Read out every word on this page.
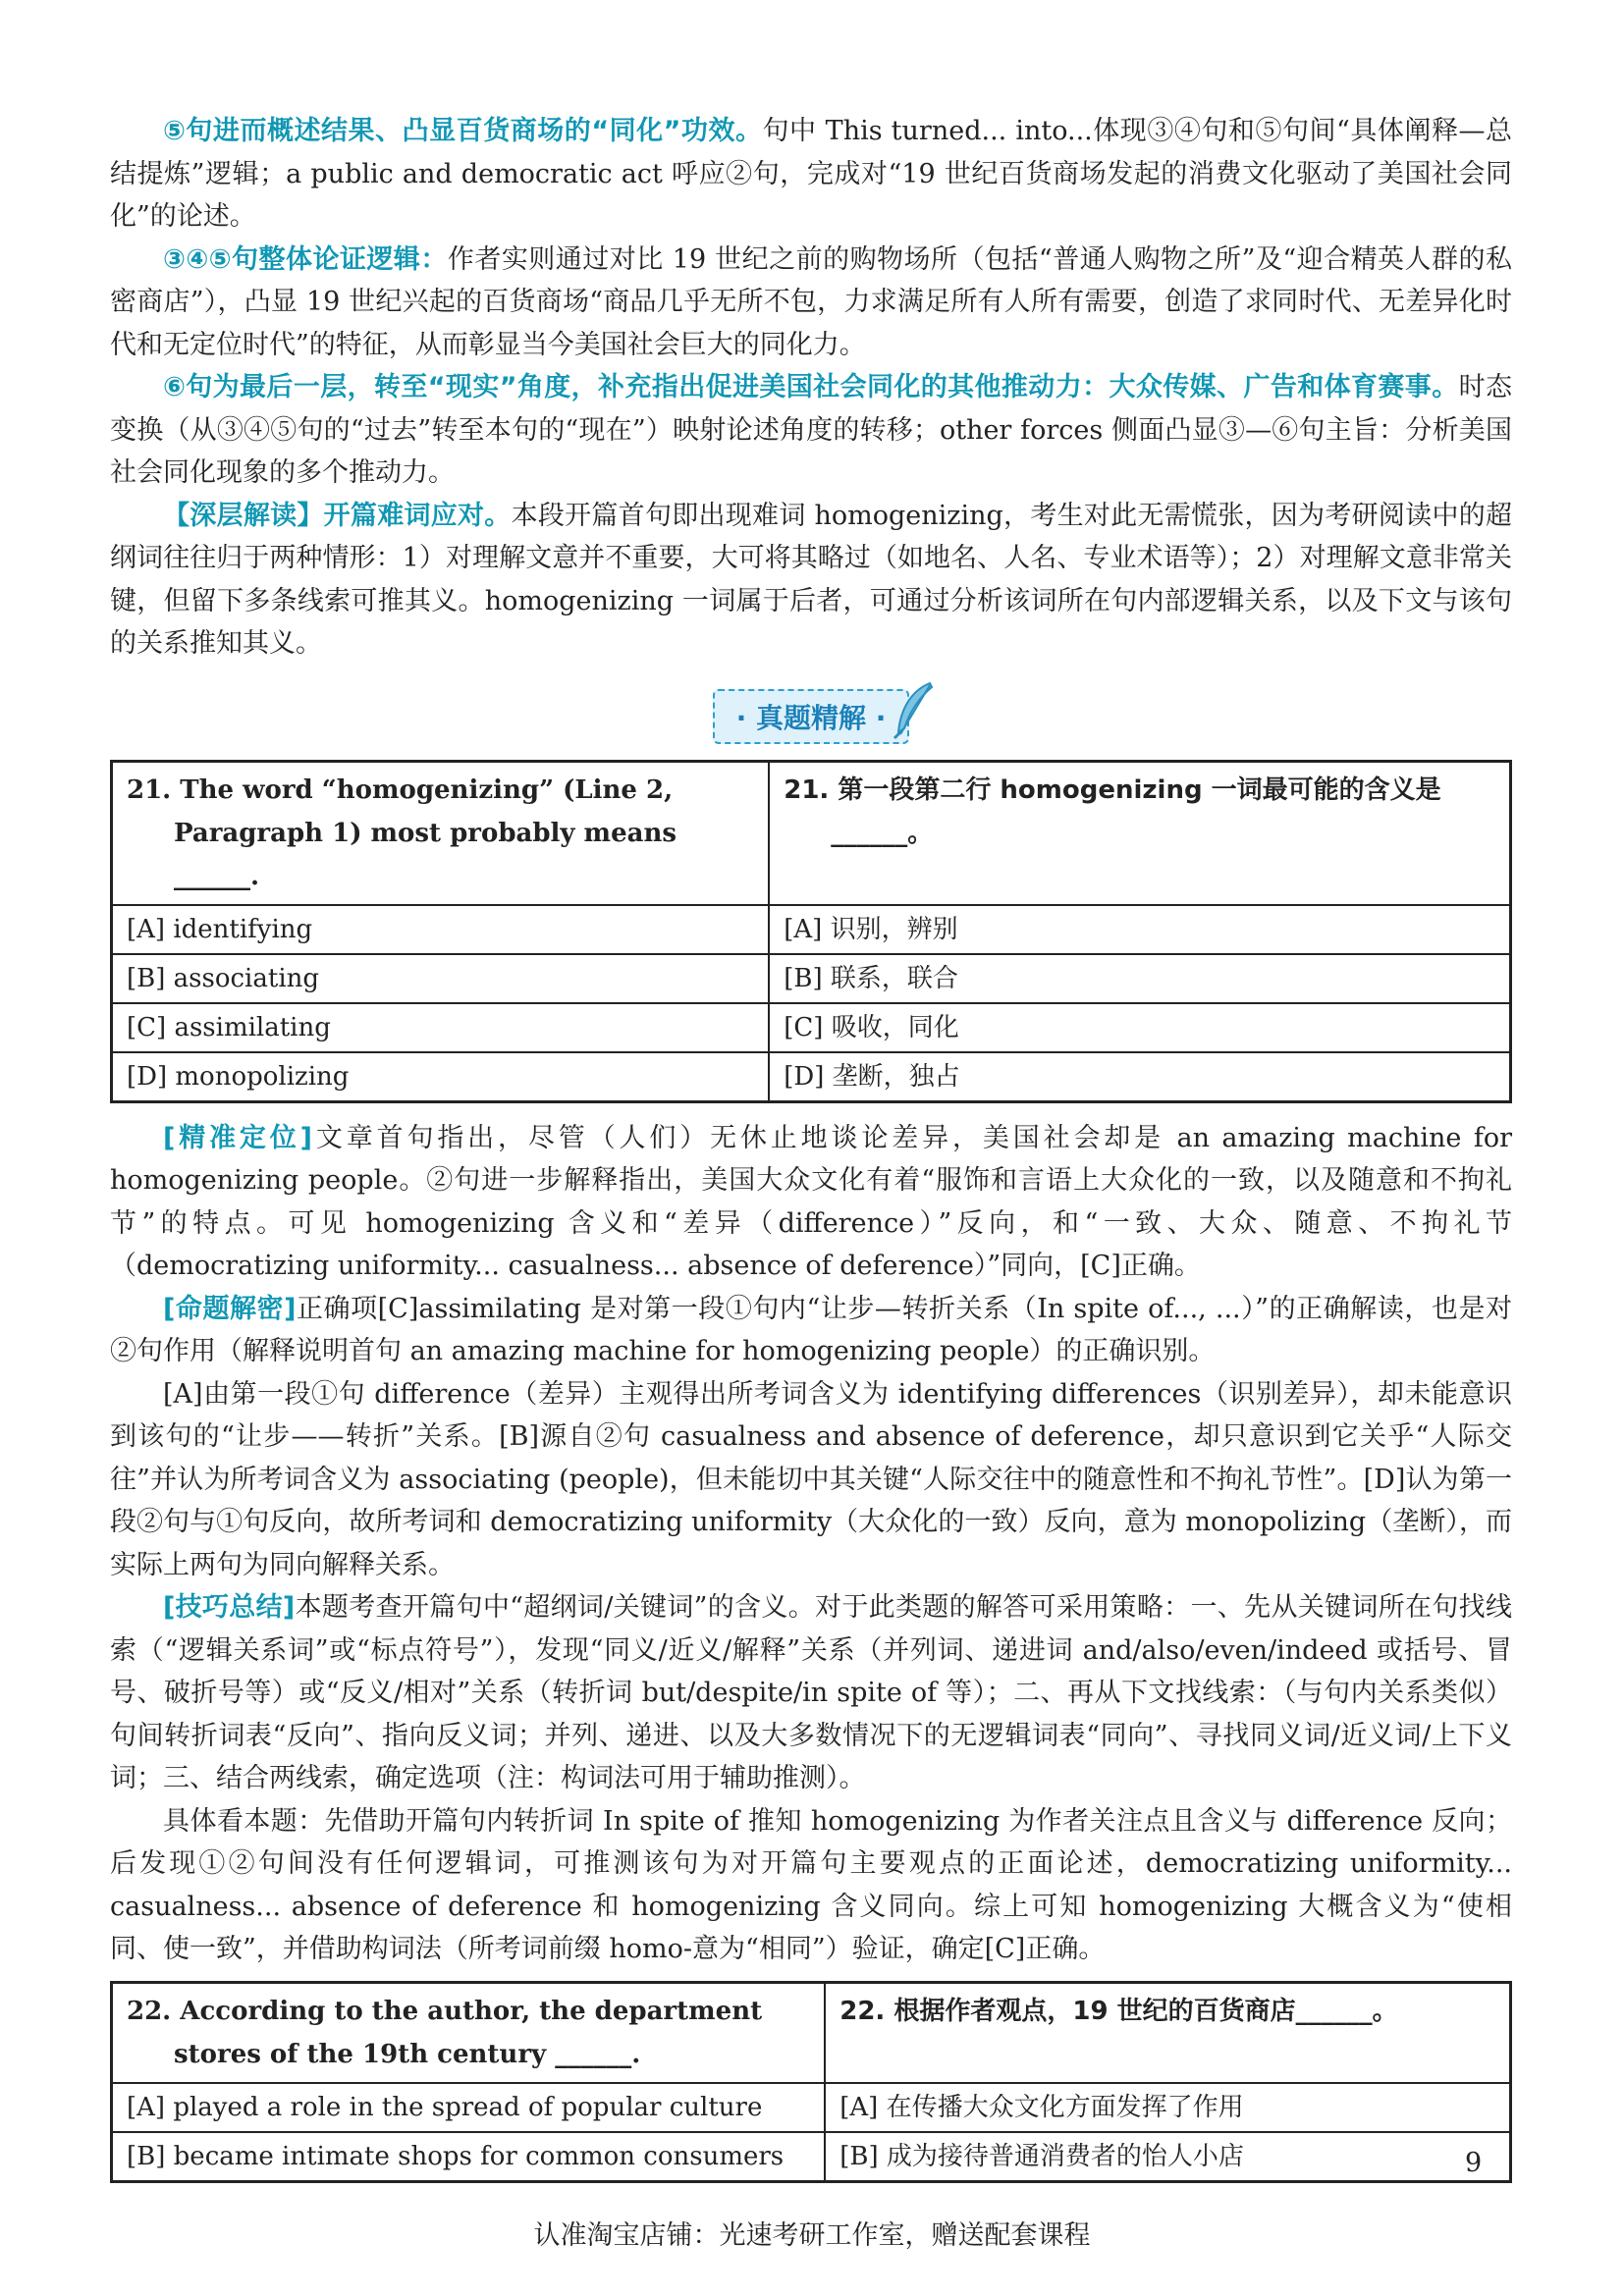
⑤句进而概述结果、凸显百货商场的“同化”功效。句中 This turned... into...体现③④句和⑤句间“具体阐释—总结提炼”逻辑；a public and democratic act 呼应②句，完成对“19 世纪百货商场发起的消费文化驱动了美国社会同化”的论述。

③④⑤句整体论证逻辑：作者实则通过对比 19 世纪之前的购物场所（包括“普通人购物之所”及“迎合精英人群的私密商店”），凸显 19 世纪兴起的百货商场“商品几乎无所不包，力求满足所有人所有需要，创造了求同时代、无差异化时代和无定位时代”的特征，从而彰显当今美国社会巨大的同化力。

⑥句为最后一层，转至“现实”角度，补充指出促进美国社会同化的其他推动力：大众传媒、广告和体育赛事。时态变换（从③④⑤句的“过去”转至本句的“现在”）映射论述角度的转移；other forces 侧面凸显③—⑥句主旨：分析美国社会同化现象的多个推动力。

【深层解读】开篇难词应对。本段开篇首句即出现难词 homogenizing，考生对此无需慌张，因为考研阅读中的超纲词往往归于两种情形：1）对理解文意并不重要，大可将其略过（如地名、人名、专业术语等）；2）对理解文意非常关键，但留下多条线索可推其义。homogenizing 一词属于后者，可通过分析该词所在句内部逻辑关系，以及下文与该句的关系推知其义。

· 真题精解 ·
21. The word “homogenizing” (Line 2, Paragraph 1) most probably means ______.	21. 第一段第二行 homogenizing 一词最可能的含义是______。

[A] identifying	[A] 识别，辨别
[B] associating	[B] 联系，联合
[C] assimilating	[C] 吸收，同化
[D] monopolizing	[D] 垄断，独占

[精准定位]文章首句指出，尽管（人们）无休止地谈论差异，美国社会却是 an amazing machine for homogenizing people。②句进一步解释指出，美国大众文化有着“服饰和言语上大众化的一致，以及随意和不拘礼节”的特点。可见 homogenizing 含义和“差异（difference）”反向，和“一致、大众、随意、不拘礼节（democratizing uniformity... casualness... absence of deference）”同向，[C]正确。

[命题解密]正确项[C]assimilating 是对第一段①句内“让步—转折关系（In spite of..., ...）”的正确解读，也是对②句作用（解释说明首句 an amazing machine for homogenizing people）的正确识别。

[A]由第一段①句 difference（差异）主观得出所考词含义为 identifying differences（识别差异），却未能意识到该句的“让步——转折”关系。[B]源自②句 casualness and absence of deference，却只意识到它关乎“人际交往”并认为所考词含义为 associating (people)，但未能切中其关键“人际交往中的随意性和不拘礼节性”。[D]认为第一段②句与①句反向，故所考词和 democratizing uniformity（大众化的一致）反向，意为 monopolizing（垄断），而实际上两句为同向解释关系。

[技巧总结]本题考查开篇句中“超纲词/关键词”的含义。对于此类题的解答可采用策略：一、先从关键词所在句找线索（“逻辑关系词”或“标点符号”），发现“同义/近义/解释”关系（并列词、递进词 and/also/even/indeed 或括号、冒号、破折号等）或“反义/相对”关系（转折词 but/despite/in spite of 等）；二、再从下文找线索：（与句内关系类似）句间转折词表“反向”、指向反义词；并列、递进、以及大多数情况下的无逻辑词表“同向”、寻找同义词/近义词/上下义词；三、结合两线索，确定选项（注：构词法可用于辅助推测）。

具体看本题：先借助开篇句内转折词 In spite of 推知 homogenizing 为作者关注点且含义与 difference 反向；后发现①②句间没有任何逻辑词，可推测该句为对开篇句主要观点的正面论述，democratizing uniformity... casualness... absence of deference 和 homogenizing 含义同向。综上可知 homogenizing 大概含义为“使相同、使一致”，并借助构词法（所考词前缀 homo-意为“相同”）验证，确定[C]正确。

22. According to the author, the department stores of the 19th century ______.	22. 根据作者观点，19 世纪的百货商店______。

[A] played a role in the spread of popular culture	[A] 在传播大众文化方面发挥了作用
[B] became intimate shops for common consumers	[B] 成为接待普通消费者的怡人小店	9
认准淘宝店铺：光速考研工作室，赠送配套课程
